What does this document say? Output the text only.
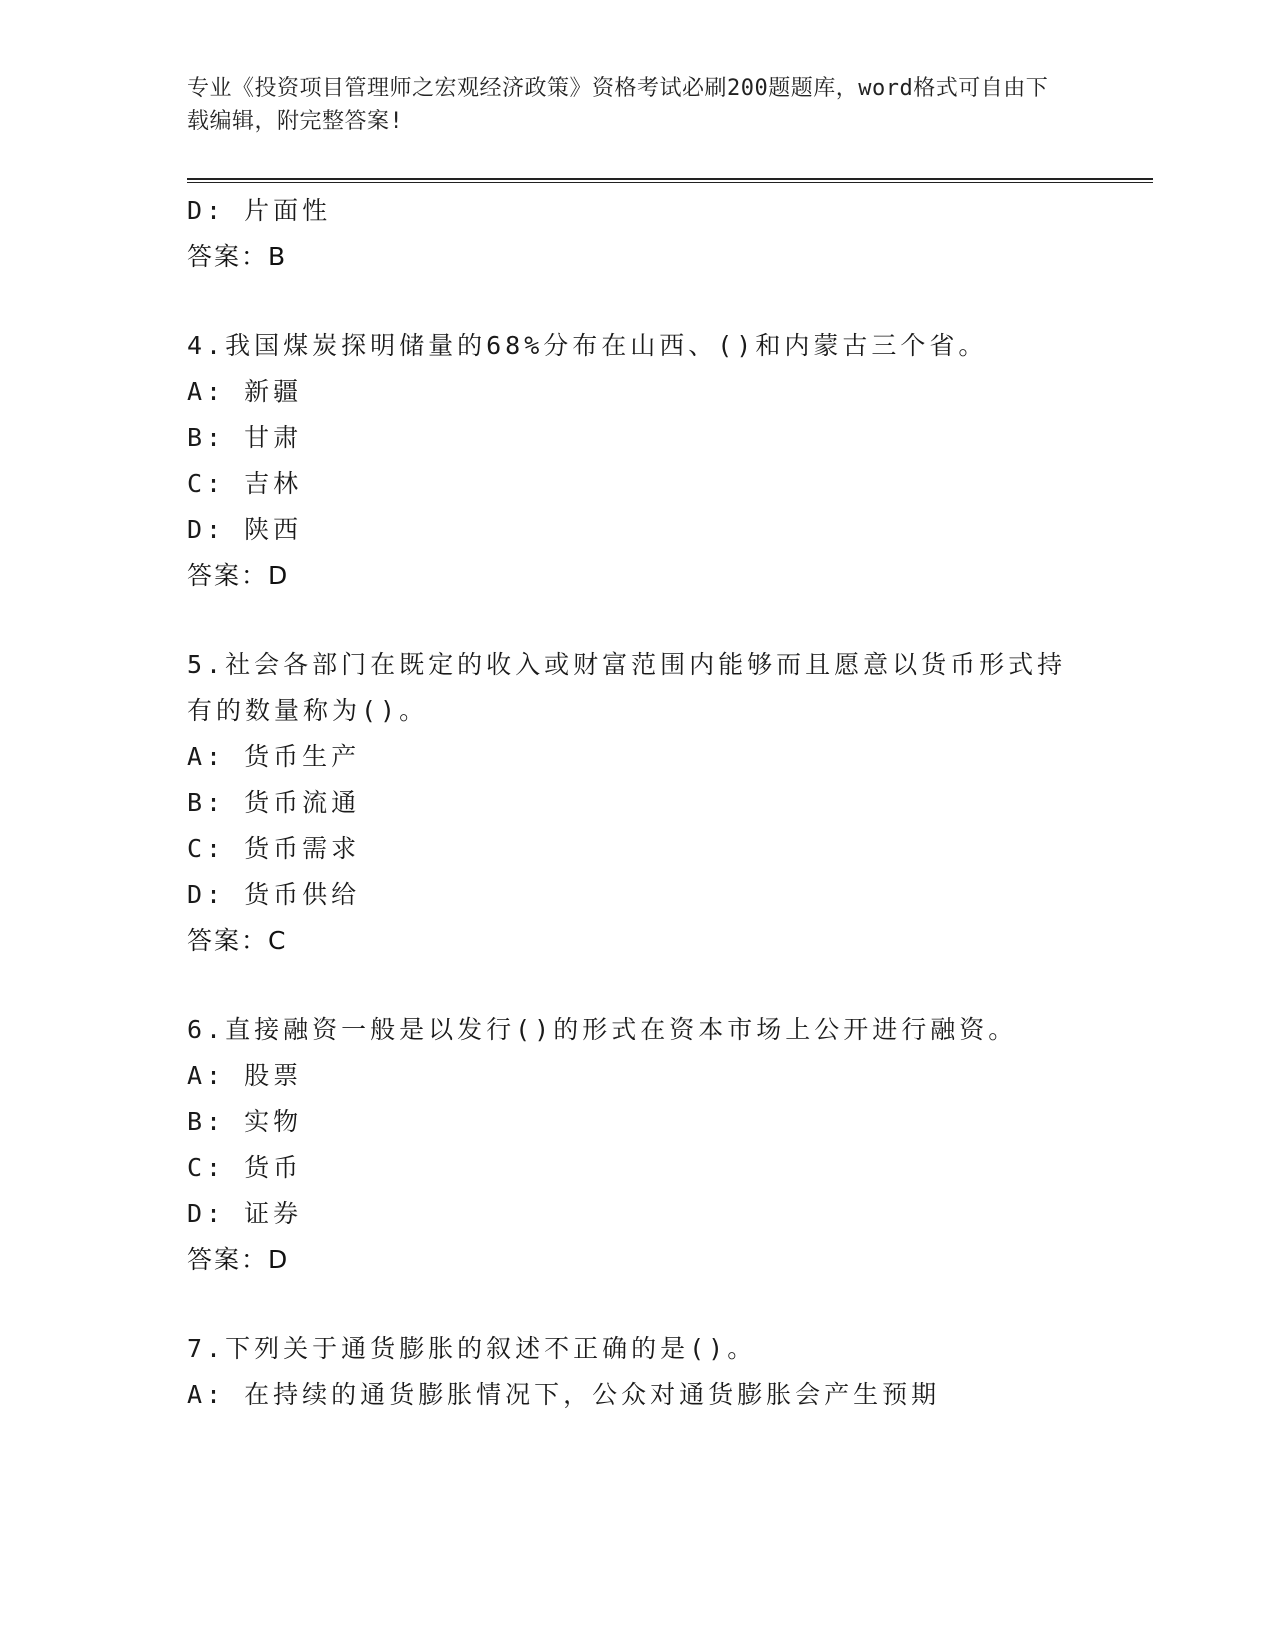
专业《投资项目管理师之宏观经济政策》资格考试必刷200题题库，word格式可自由下载编辑，附完整答案!
D: 片面性
答案：B
4.我国煤炭探明储量的68%分布在山西、()和内蒙古三个省。
A: 新疆
B: 甘肃
C: 吉林
D: 陕西
答案：D
5.社会各部门在既定的收入或财富范围内能够而且愿意以货币形式持有的数量称为()。
A: 货币生产
B: 货币流通
C: 货币需求
D: 货币供给
答案：C
6.直接融资一般是以发行()的形式在资本市场上公开进行融资。
A: 股票
B: 实物
C: 货币
D: 证券
答案：D
7.下列关于通货膨胀的叙述不正确的是()。
A: 在持续的通货膨胀情况下，公众对通货膨胀会产生预期
